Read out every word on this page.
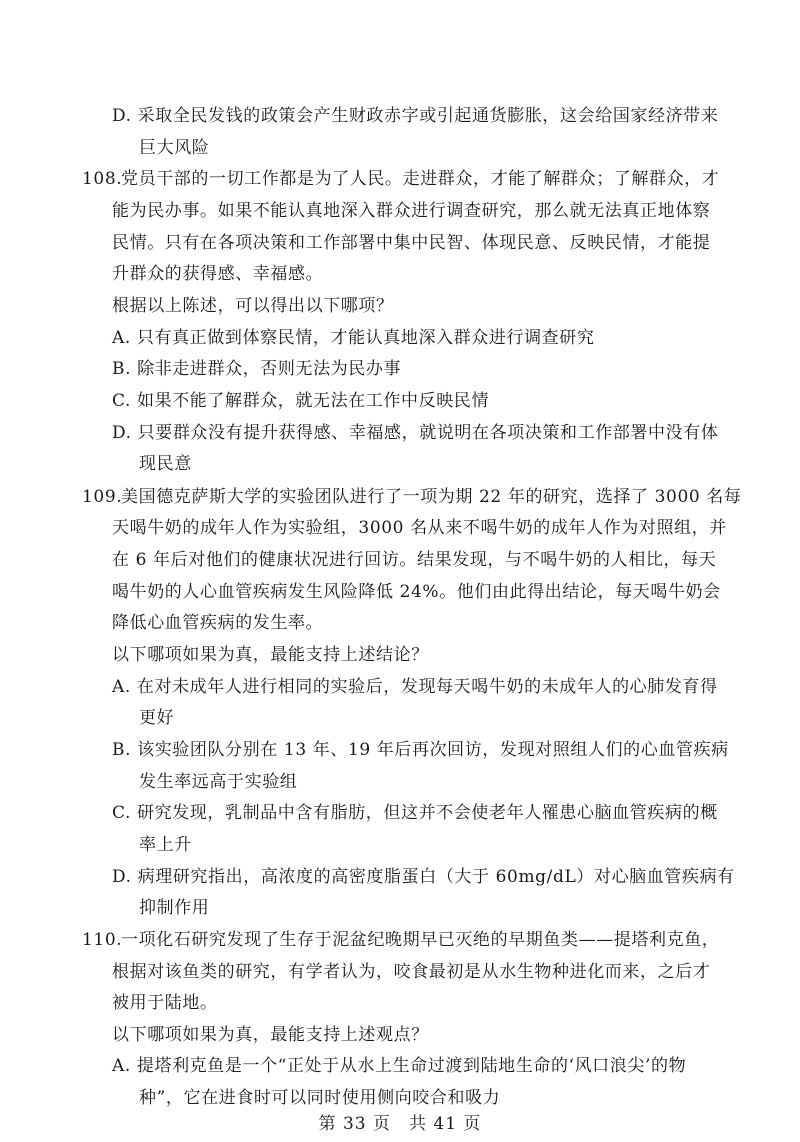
D. 采取全民发钱的政策会产生财政赤字或引起通货膨胀，这会给国家经济带来
巨大风险
108.
党员干部的一切工作都是为了人民。走进群众，才能了解群众；了解群众，才
能为民办事。如果不能认真地深入群众进行调查研究，那么就无法真正地体察
民情。只有在各项决策和工作部署中集中民智、体现民意、反映民情，才能提
升群众的获得感、幸福感。
根据以上陈述，可以得出以下哪项？
A. 只有真正做到体察民情，才能认真地深入群众进行调查研究
B. 除非走进群众，否则无法为民办事
C. 如果不能了解群众，就无法在工作中反映民情
D. 只要群众没有提升获得感、幸福感，就说明在各项决策和工作部署中没有体
现民意
109.
美国德克萨斯大学的实验团队进行了一项为期 22 年的研究，选择了 3000 名每
天喝牛奶的成年人作为实验组，3000 名从来不喝牛奶的成年人作为对照组，并
在 6 年后对他们的健康状况进行回访。结果发现，与不喝牛奶的人相比，每天
喝牛奶的人心血管疾病发生风险降低 24%。他们由此得出结论，每天喝牛奶会
降低心血管疾病的发生率。
以下哪项如果为真，最能支持上述结论？
A. 在对未成年人进行相同的实验后，发现每天喝牛奶的未成年人的心肺发育得
更好
B. 该实验团队分别在 13 年、19 年后再次回访，发现对照组人们的心血管疾病
发生率远高于实验组
C. 研究发现，乳制品中含有脂肪，但这并不会使老年人罹患心脑血管疾病的概
率上升
D. 病理研究指出，高浓度的高密度脂蛋白（大于 60mg/dL）对心脑血管疾病有
抑制作用
110.
一项化石研究发现了生存于泥盆纪晚期早已灭绝的早期鱼类——提塔利克鱼，
根据对该鱼类的研究，有学者认为，咬食最初是从水生物种进化而来，之后才
被用于陆地。
以下哪项如果为真，最能支持上述观点？
A. 提塔利克鱼是一个“正处于从水上生命过渡到陆地生命的‘风口浪尖’的物
种”，它在进食时可以同时使用侧向咬合和吸力
第 33 页　共 41 页
